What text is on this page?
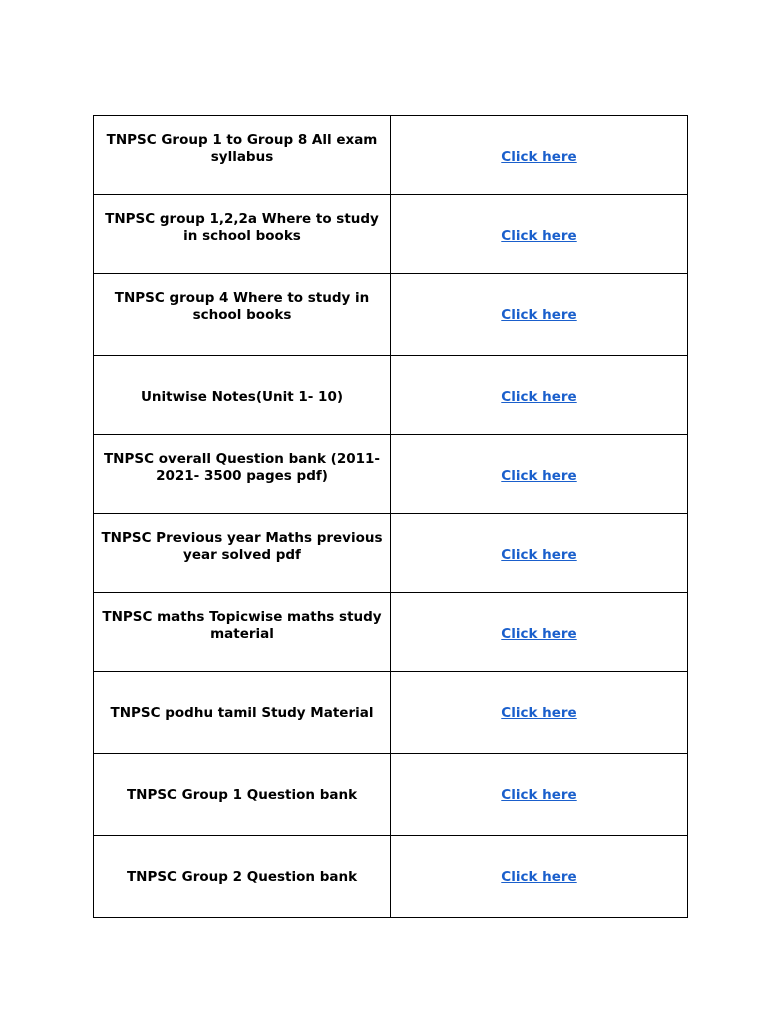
TNPSC Group 1 to Group 8 All exam syllabus	Click here

TNPSC group 1,2,2a Where to study in school books	Click here

TNPSC group 4 Where to study in school books	Click here

Unitwise Notes(Unit 1- 10)	Click here

TNPSC overall Question bank (2011-2021- 3500 pages pdf)	Click here

TNPSC Previous year Maths previous year solved pdf	Click here

TNPSC maths Topicwise maths study material	Click here

TNPSC podhu tamil Study Material	Click here

TNPSC Group 1 Question bank	Click here

TNPSC Group 2 Question bank	Click here
